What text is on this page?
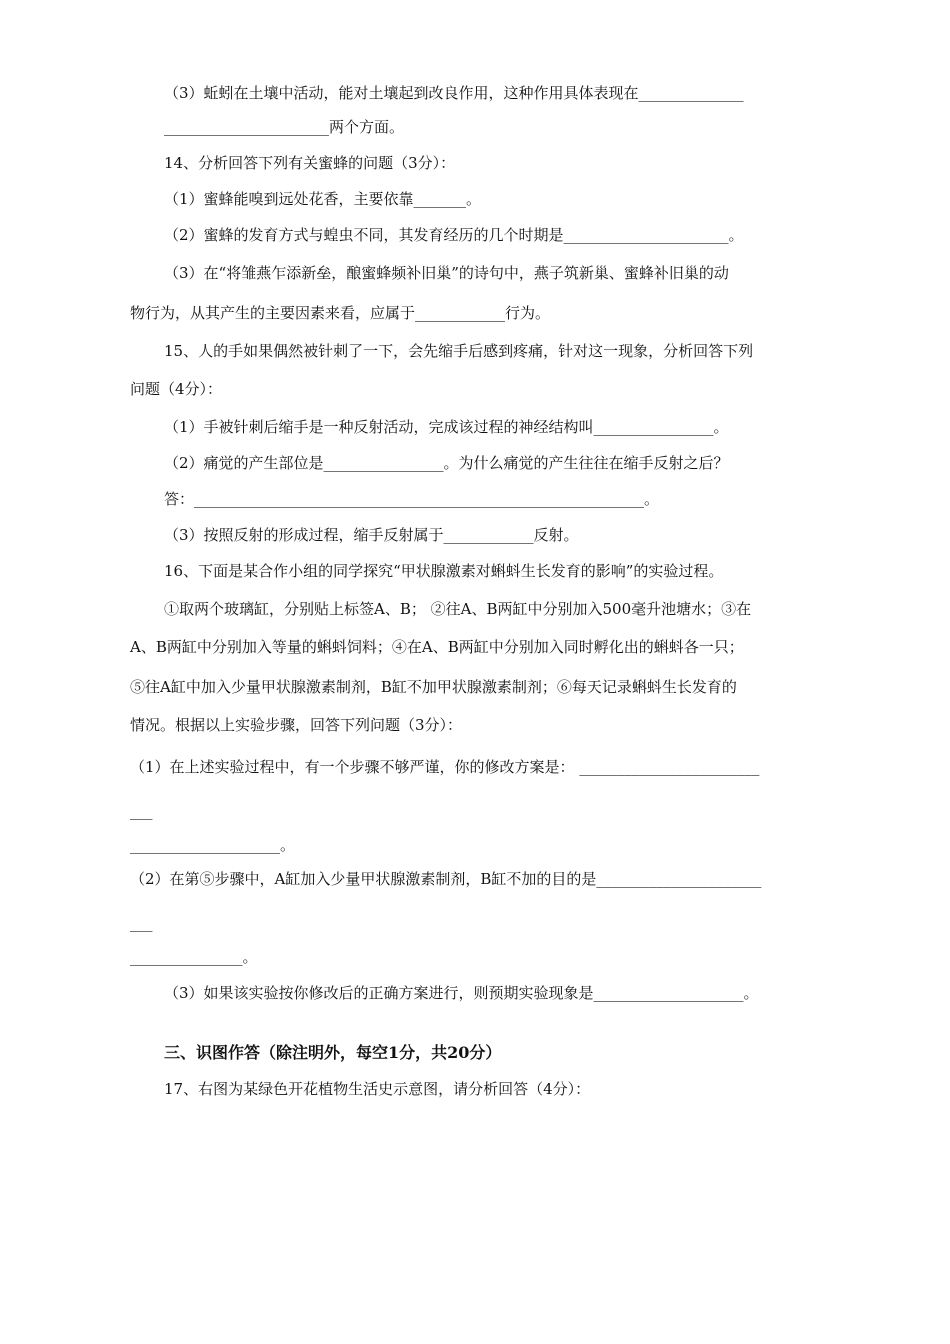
（3）蚯蚓在土壤中活动，能对土壤起到改良作用，这种作用具体表现在______________
______________________两个方面。
14、分析回答下列有关蜜蜂的问题（3分）：
（1）蜜蜂能嗅到远处花香，主要依靠_______。
（2）蜜蜂的发育方式与蝗虫不同，其发育经历的几个时期是______________________。
（3）在“将雏燕乍添新垒，酿蜜蜂频补旧巢”的诗句中，燕子筑新巢、蜜蜂补旧巢的动
物行为，从其产生的主要因素来看，应属于____________行为。
15、人的手如果偶然被针刺了一下，会先缩手后感到疼痛，针对这一现象，分析回答下列
问题（4分）：
（1）手被针刺后缩手是一种反射活动，完成该过程的神经结构叫________________。
（2）痛觉的产生部位是________________。为什么痛觉的产生往往在缩手反射之后？
答：____________________________________________________________。
（3）按照反射的形成过程，缩手反射属于____________反射。
16、下面是某合作小组的同学探究“甲状腺激素对蝌蚪生长发育的影响”的实验过程。
①取两个玻璃缸，分别贴上标签A、B； ②往A、B两缸中分别加入500毫升池塘水；③在
A、B两缸中分别加入等量的蝌蚪饲料；④在A、B两缸中分别加入同时孵化出的蝌蚪各一只；
⑤往A缸中加入少量甲状腺激素制剂，B缸不加甲状腺激素制剂；⑥每天记录蝌蚪生长发育的
情况。根据以上实验步骤，回答下列问题（3分）：
（1）在上述实验过程中，有一个步骤不够严谨，你的修改方案是： ________________________
___
____________________。
（2）在第⑤步骤中，A缸加入少量甲状腺激素制剂，B缸不加的目的是______________________
___
_______________。
（3）如果该实验按你修改后的正确方案进行，则预期实验现象是____________________。
三、识图作答（除注明外，每空1分，共20分）
17、右图为某绿色开花植物生活史示意图，请分析回答（4分）：
